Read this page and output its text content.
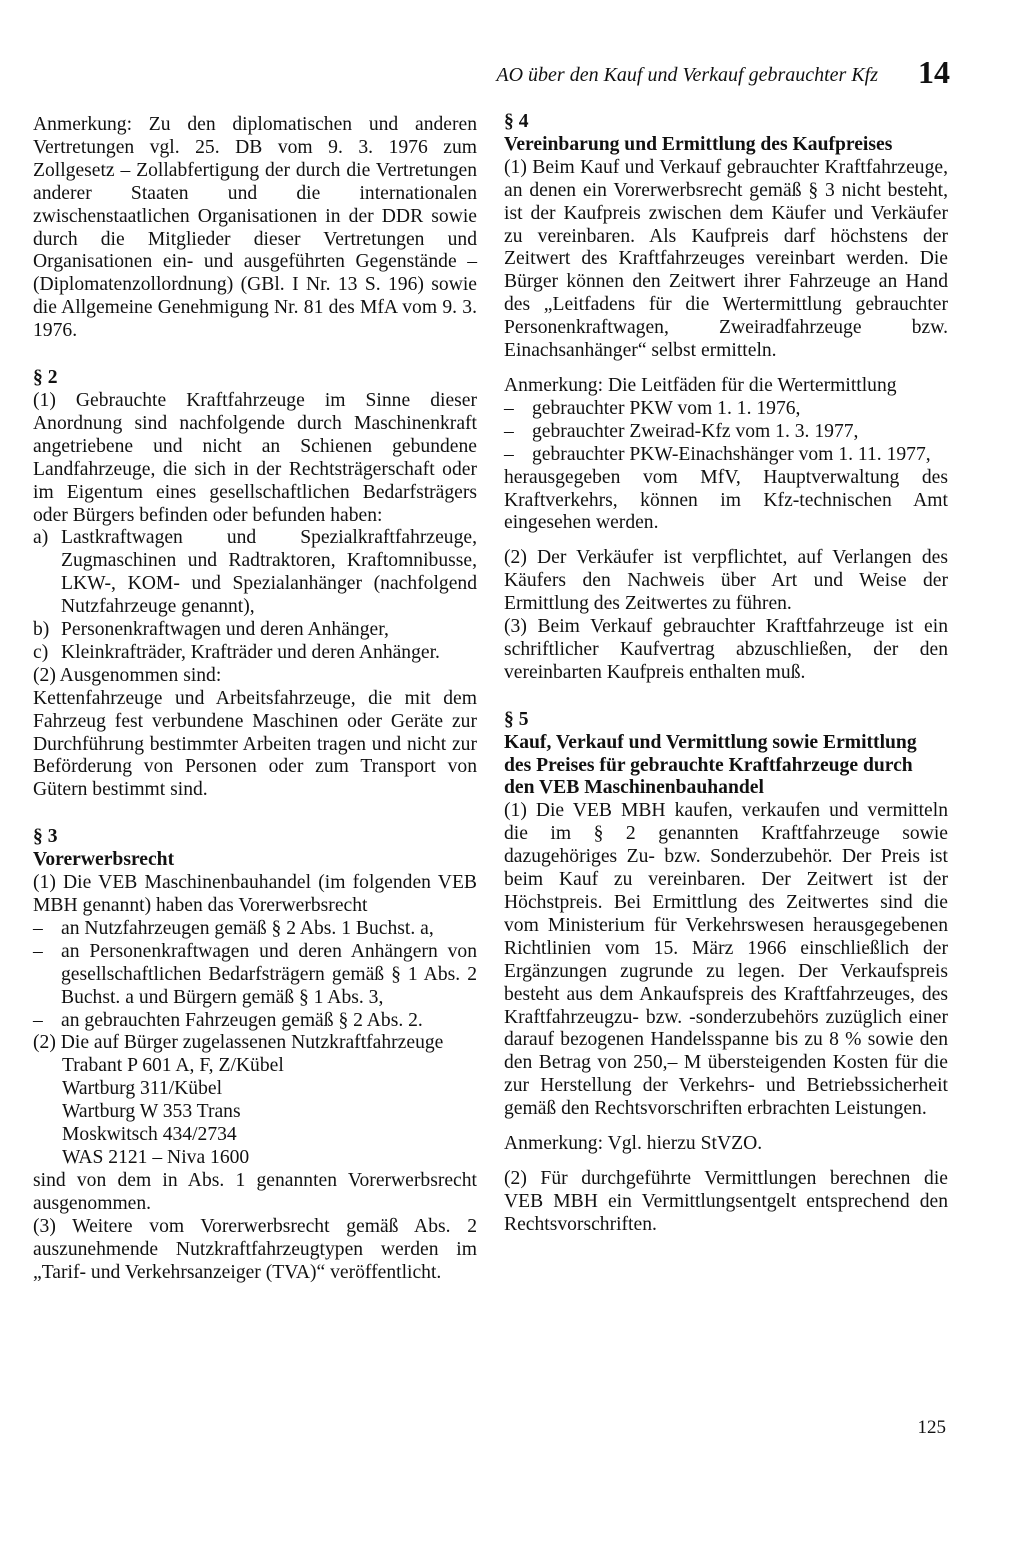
AO über den Kauf und Verkauf gebrauchter Kfz 14

Anmerkung: Zu den diplomatischen und anderen Vertretungen vgl. 25. DB vom 9. 3. 1976 zum Zollgesetz – Zollabfertigung der durch die Vertretungen anderer Staaten und die internationalen zwischenstaatlichen Organisationen in der DDR sowie durch die Mitglieder dieser Vertretungen und Organisationen ein- und ausgeführten Gegenstände – (Diplomatenzollordnung) (GBl. I Nr. 13 S. 196) sowie die Allgemeine Genehmigung Nr. 81 des MfA vom 9. 3. 1976.

§ 2

(1) Gebrauchte Kraftfahrzeuge im Sinne dieser Anordnung sind nachfolgende durch Maschinenkraft angetriebene und nicht an Schienen gebundene Landfahrzeuge, die sich in der Rechtsträgerschaft oder im Eigentum eines gesellschaftlichen Bedarfsträgers oder Bürgers befinden oder befunden haben:

a) Lastkraftwagen und Spezialkraftfahrzeuge, Zugmaschinen und Radtraktoren, Kraftomnibusse, LKW-, KOM- und Spezialanhänger (nachfolgend Nutzfahrzeuge genannt),
b) Personenkraftwagen und deren Anhänger,
c) Kleinkrafträder, Krafträder und deren Anhänger.

(2) Ausgenommen sind:

Kettenfahrzeuge und Arbeitsfahrzeuge, die mit dem Fahrzeug fest verbundene Maschinen oder Geräte zur Durchführung bestimmter Arbeiten tragen und nicht zur Beförderung von Personen oder zum Transport von Gütern bestimmt sind.

§ 3

Vorerwerbsrecht

(1) Die VEB Maschinenbauhandel (im folgenden VEB MBH genannt) haben das Vorerwerbsrecht

– an Nutzfahrzeugen gemäß § 2 Abs. 1 Buchst. a,
– an Personenkraftwagen und deren Anhängern von gesellschaftlichen Bedarfsträgern gemäß § 1 Abs. 2 Buchst. a und Bürgern gemäß § 1 Abs. 3,
– an gebrauchten Fahrzeugen gemäß § 2 Abs. 2.

(2) Die auf Bürger zugelassenen Nutzkraftfahrzeuge

Trabant P 601 A, F, Z/Kübel
Wartburg 311/Kübel
Wartburg W 353 Trans
Moskwitsch 434/2734
WAS 2121 – Niva 1600

sind von dem in Abs. 1 genannten Vorerwerbsrecht ausgenommen.

(3) Weitere vom Vorerwerbsrecht gemäß Abs. 2 auszunehmende Nutzkraftfahrzeugtypen werden im „Tarif- und Verkehrsanzeiger (TVA)“ veröffentlicht.

§ 4

Vereinbarung und Ermittlung des Kaufpreises

(1) Beim Kauf und Verkauf gebrauchter Kraftfahrzeuge, an denen ein Vorerwerbsrecht gemäß § 3 nicht besteht, ist der Kaufpreis zwischen dem Käufer und Verkäufer zu vereinbaren. Als Kaufpreis darf höchstens der Zeitwert des Kraftfahrzeuges vereinbart werden. Die Bürger können den Zeitwert ihrer Fahrzeuge an Hand des „Leitfadens für die Wertermittlung gebrauchter Personenkraftwagen, Zweiradfahrzeuge bzw. Einachsanhänger“ selbst ermitteln.

Anmerkung: Die Leitfäden für die Wertermittlung

– gebrauchter PKW vom 1. 1. 1976,
– gebrauchter Zweirad-Kfz vom 1. 3. 1977,
– gebrauchter PKW-Einachshänger vom 1. 11. 1977,

herausgegeben vom MfV, Hauptverwaltung des Kraftverkehrs, können im Kfz-technischen Amt eingesehen werden.

(2) Der Verkäufer ist verpflichtet, auf Verlangen des Käufers den Nachweis über Art und Weise der Ermittlung des Zeitwertes zu führen.

(3) Beim Verkauf gebrauchter Kraftfahrzeuge ist ein schriftlicher Kaufvertrag abzuschließen, der den vereinbarten Kaufpreis enthalten muß.

§ 5

Kauf, Verkauf und Vermittlung sowie Ermittlung des Preises für gebrauchte Kraftfahrzeuge durch den VEB Maschinenbauhandel

(1) Die VEB MBH kaufen, verkaufen und vermitteln die im § 2 genannten Kraftfahrzeuge sowie dazugehöriges Zu- bzw. Sonderzubehör. Der Preis ist beim Kauf zu vereinbaren. Der Zeitwert ist der Höchstpreis. Bei Ermittlung des Zeitwertes sind die vom Ministerium für Verkehrswesen herausgegebenen Richtlinien vom 15. März 1966 einschließlich der Ergänzungen zugrunde zu legen. Der Verkaufspreis besteht aus dem Ankaufspreis des Kraftfahrzeuges, des Kraftfahrzeugzu- bzw. -sonderzubehörs zuzüglich einer darauf bezogenen Handelsspanne bis zu 8 % sowie den den Betrag von 250,– M übersteigenden Kosten für die zur Herstellung der Verkehrs- und Betriebssicherheit gemäß den Rechtsvorschriften erbrachten Leistungen.

Anmerkung: Vgl. hierzu StVZO.

(2) Für durchgeführte Vermittlungen berechnen die VEB MBH ein Vermittlungsentgelt entsprechend den Rechtsvorschriften.

125
